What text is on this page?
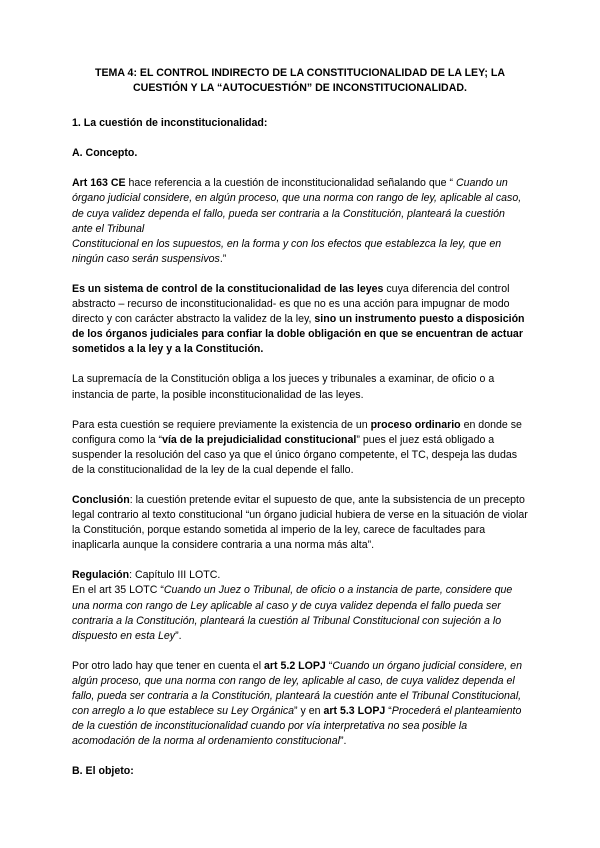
TEMA 4: EL CONTROL INDIRECTO DE LA CONSTITUCIONALIDAD DE LA LEY; LA CUESTIÓN Y LA “AUTOCUESTIÓN” DE INCONSTITUCIONALIDAD.
1. La cuestión de inconstitucionalidad:
A. Concepto.

Art 163 CE hace referencia a la cuestión de inconstitucionalidad señalando que “ Cuando un órgano judicial considere, en algún proceso, que una norma con rango de ley, aplicable al caso, de cuya validez dependa el fallo, pueda ser contraria a la Constitución, planteará la cuestión ante el Tribunal
Constitucional en los supuestos, en la forma y con los efectos que establezca la ley, que en ningún caso serán suspensivos.”

Es un sistema de control de la constitucionalidad de las leyes cuya diferencia del control abstracto – recurso de inconstitucionalidad- es que no es una acción para impugnar de modo directo y con carácter abstracto la validez de la ley, sino un instrumento puesto a disposición de los órganos judiciales para confiar la doble obligación en que se encuentran de actuar sometidos a la ley y a la Constitución.

La supremacía de la Constitución obliga a los jueces y tribunales a examinar, de oficio o a instancia de parte, la posible inconstitucionalidad de las leyes.

Para esta cuestión se requiere previamente la existencia de un proceso ordinario en donde se configura como la “vía de la prejudicialidad constitucional” pues el juez está obligado a suspender la resolución del caso ya que el único órgano competente, el TC, despeja las dudas de la constitucionalidad de la ley de la cual depende el fallo.

Conclusión: la cuestión pretende evitar el supuesto de que, ante la subsistencia de un precepto legal contrario al texto constitucional “un órgano judicial hubiera de verse en la situación de violar la Constitución, porque estando sometida al imperio de la ley, carece de facultades para inaplicarla aunque la considere contraria a una norma más alta”.

Regulación: Capítulo III LOTC.
En el art 35 LOTC “Cuando un Juez o Tribunal, de oficio o a instancia de parte, considere que una norma con rango de Ley aplicable al caso y de cuya validez dependa el fallo pueda ser contraria a la Constitución, planteará la cuestión al Tribunal Constitucional con sujeción a lo dispuesto en esta Ley”.

Por otro lado hay que tener en cuenta el art 5.2 LOPJ “Cuando un órgano judicial considere, en algún proceso, que una norma con rango de ley, aplicable al caso, de cuya validez dependa el fallo, pueda ser contraria a la Constitución, planteará la cuestión ante el Tribunal Constitucional, con arreglo a lo que establece su Ley Orgánica” y en art 5.3 LOPJ “Procederá el planteamiento de la cuestión de inconstitucionalidad cuando por vía interpretativa no sea posible la acomodación de la norma al ordenamiento constitucional”.

B. El objeto:
